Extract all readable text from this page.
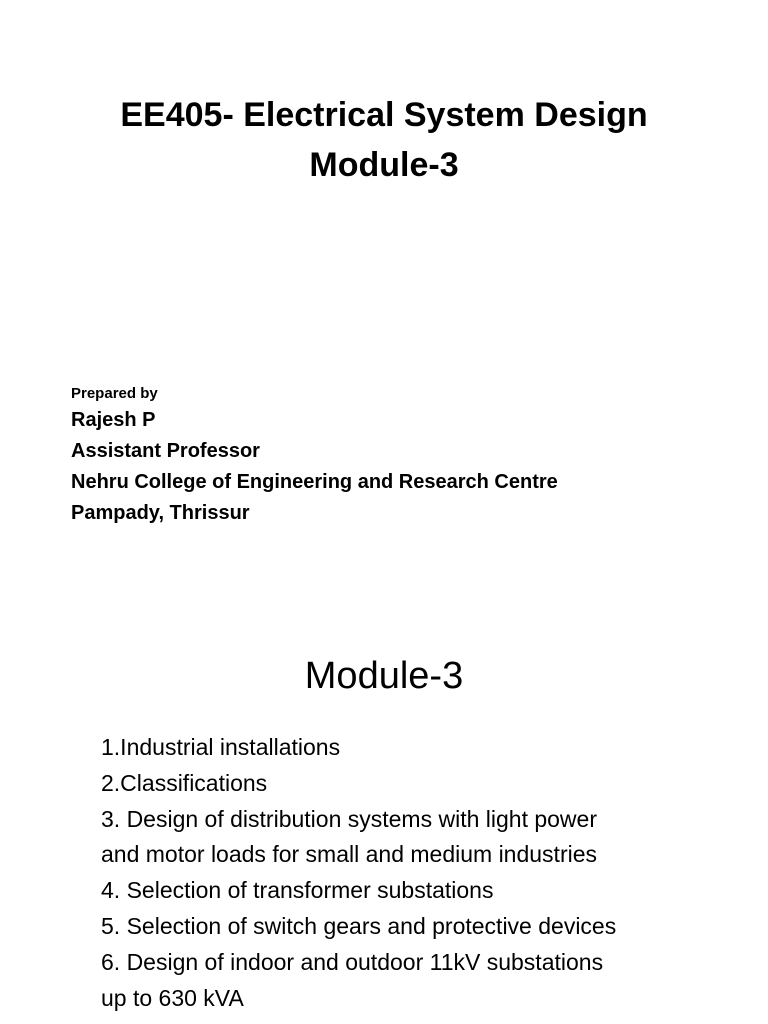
EE405- Electrical System Design
Module-3
Prepared by
Rajesh P
Assistant Professor
Nehru College of Engineering and Research Centre
Pampady, Thrissur
Module-3
1.Industrial installations
2.Classifications
3. Design of distribution systems with light power
and motor loads for small and medium industries
4. Selection of transformer substations
5. Selection of switch gears and protective devices
6. Design of indoor and outdoor 11kV substations
up to 630 kVA
